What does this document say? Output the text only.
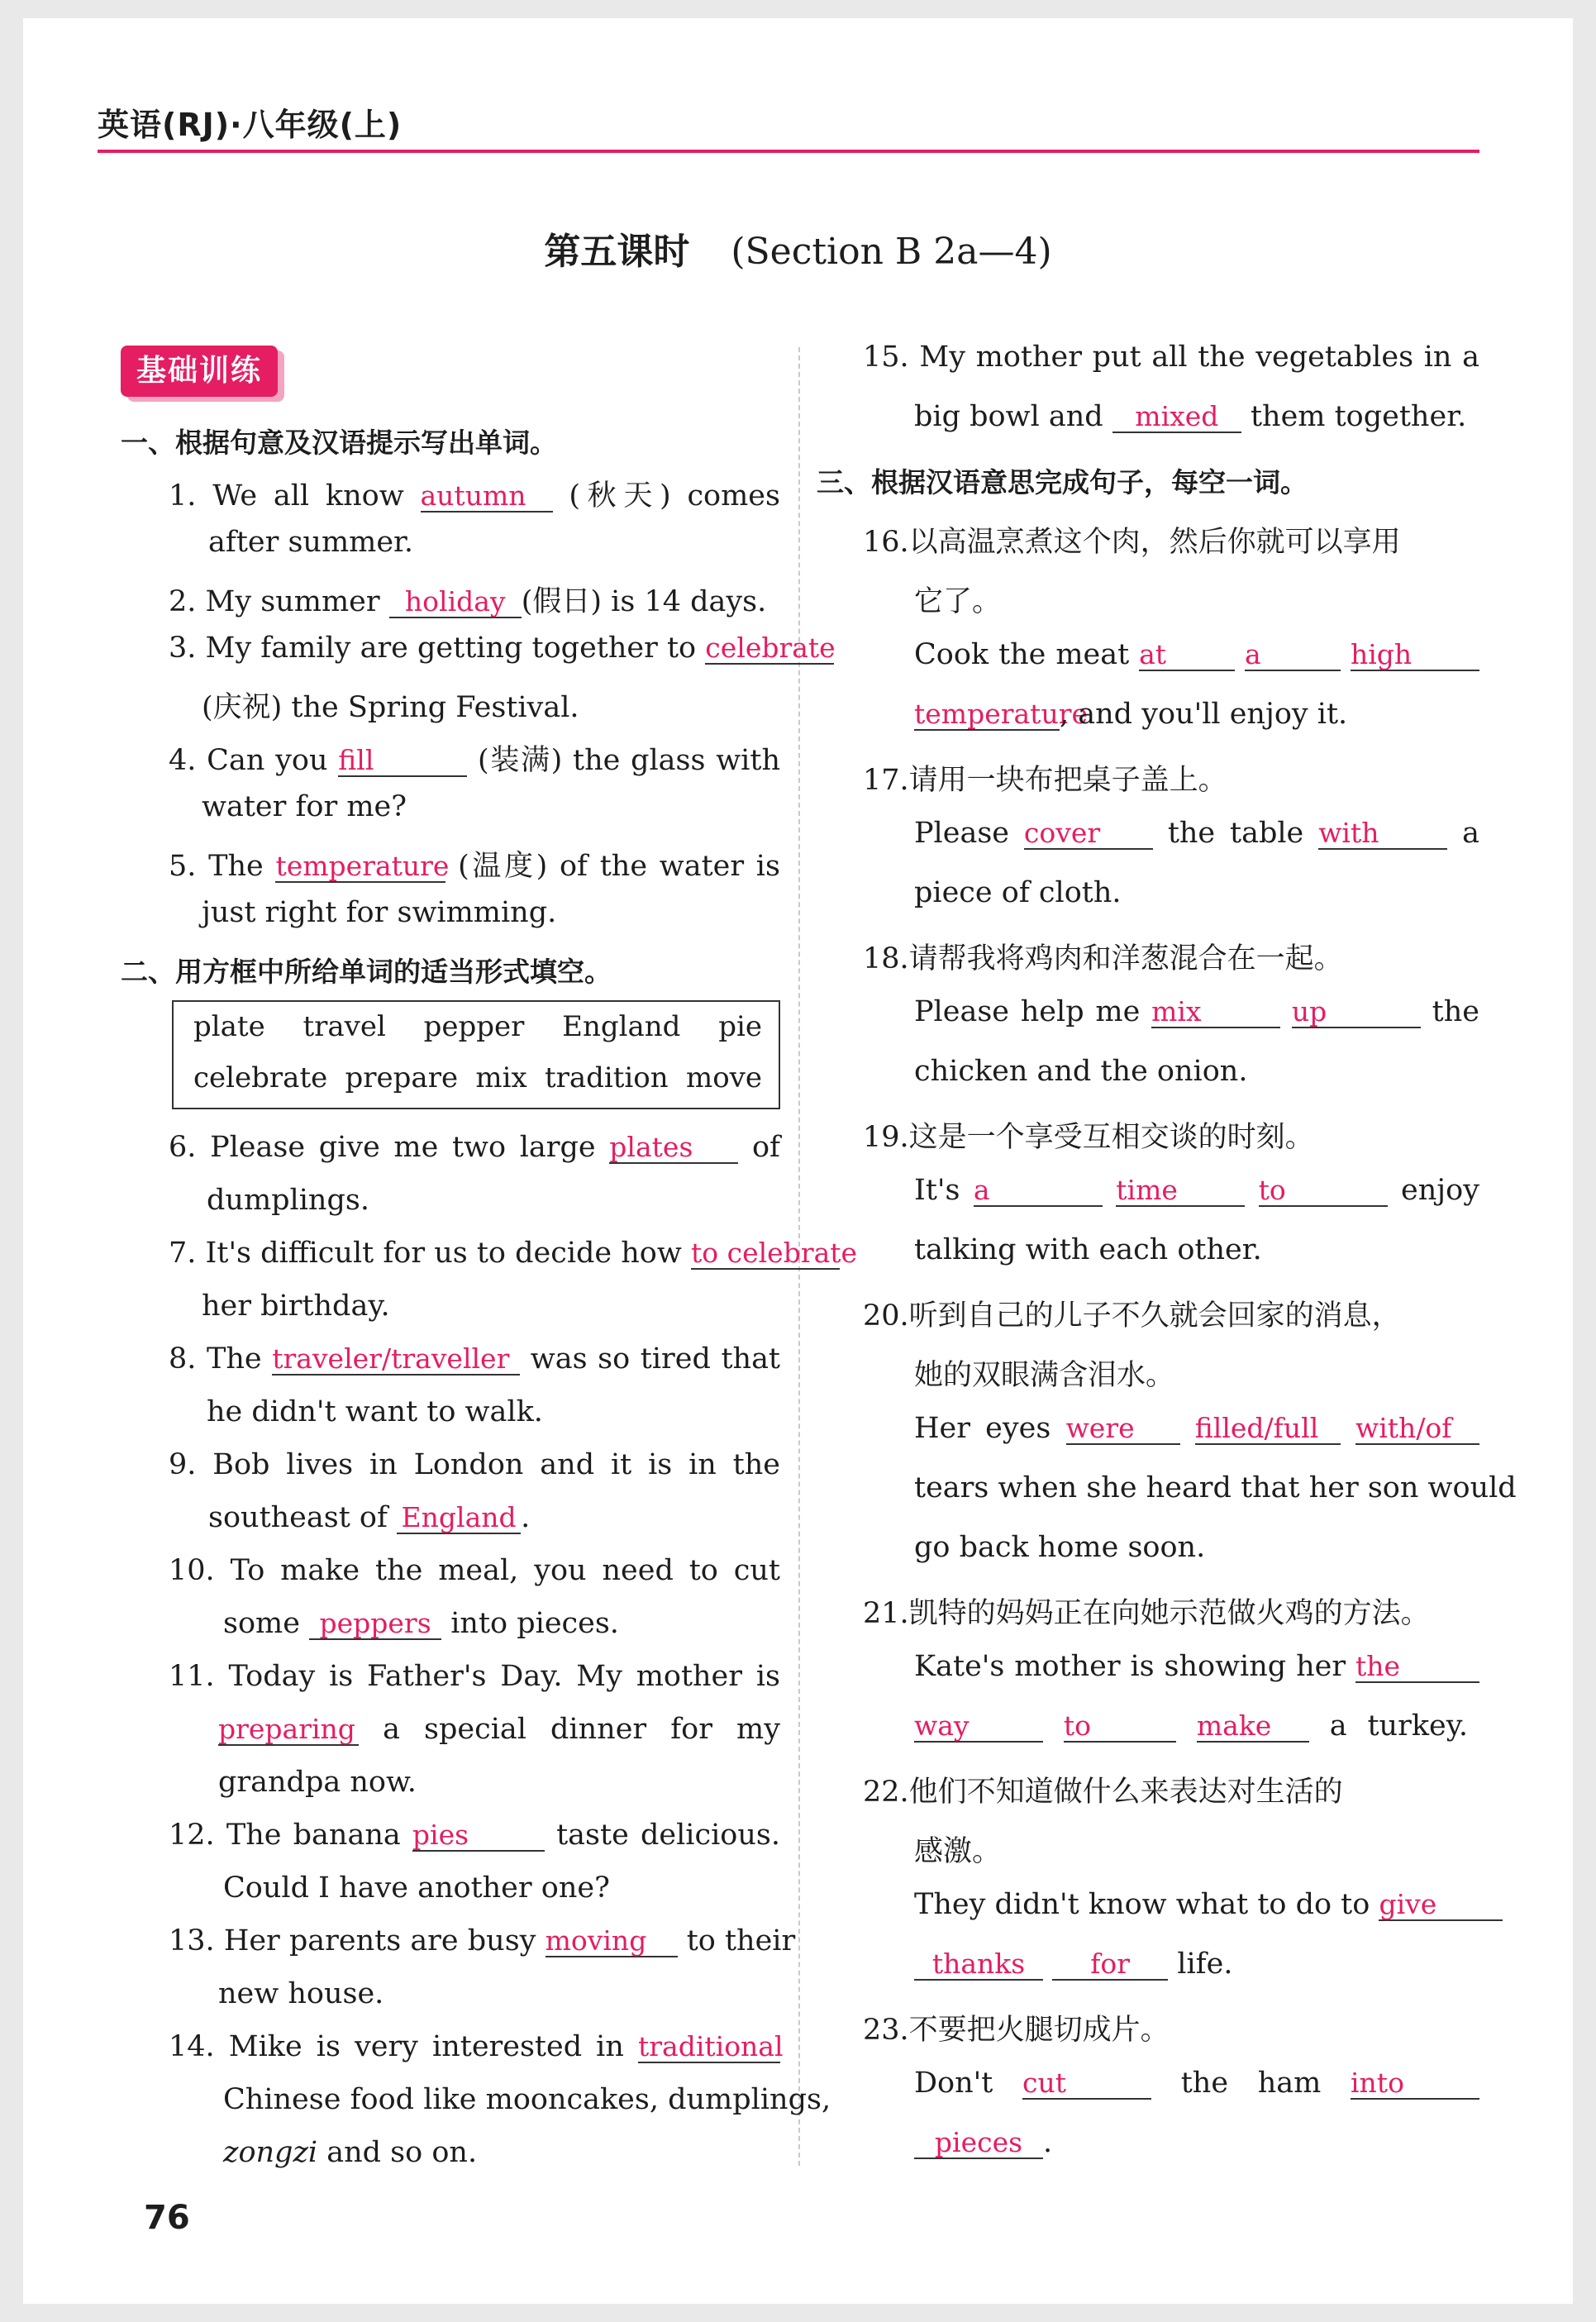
英语(RJ)·八年级(上)
第五课时 (Section B 2a—4)
基础训练
一、根据句意及汉语提示写出单词。
1. We all know autumn (秋天) comes
after summer.
2. My summer holiday (假日) is 14 days.
3. My family are getting together to celebrate
(庆祝) the Spring Festival.
4. Can you fill	(装满) the glass with
water for me?
5. The temperature (温度) of the water is
just right for swimming.
二、用方框中所给单词的适当形式填空。
plate travel pepper England pie
celebrate prepare mix tradition move
6. Please give me two large plates of
dumplings.
7. It's difficult for us to decide how to celebrate
her birthday.
8. The traveler/traveller was so tired that
he didn't want to walk.
9. Bob lives in London and it is in the
southeast of England .
10. To make the meal, you need to cut
some peppers into pieces.
11. Today is Father's Day. My mother is
preparing a special dinner for my
grandpa now.
12. The banana pies	taste delicious.
Could I have another one?
13. Her parents are busy moving to their
new house.
14. Mike is very interested in traditional
Chinese food like mooncakes, dumplings,
zongzi and so on.
15. My mother put all the vegetables in a
big bowl and mixed them together.
三、根据汉语意思完成句子，每空一词。
16.以高温烹煮这个肉，然后你就可以享用
它了。
Cook the meat at	a	high
temperature, and you'll enjoy it.
17.请用一块布把桌子盖上。
Please cover the table with	a
piece of cloth.
18.请帮我将鸡肉和洋葱混合在一起。
Please help me mix	up	the
chicken and the onion.
19.这是一个享受互相交谈的时刻。
It's a	time	to	enjoy
talking with each other.
20.听到自己的儿子不久就会回家的消息，
她的双眼满含泪水。
Her eyes were filled/full with/of
tears when she heard that her son would
go back home soon.
21.凯特的妈妈正在向她示范做火鸡的方法。
Kate's mother is showing her the
way	to	make a turkey.
22.他们不知道做什么来表达对生活的
感激。
They didn't know what to do to give
thanks for life.
23.不要把火腿切成片。
Don't cut	the ham into
pieces .
76
